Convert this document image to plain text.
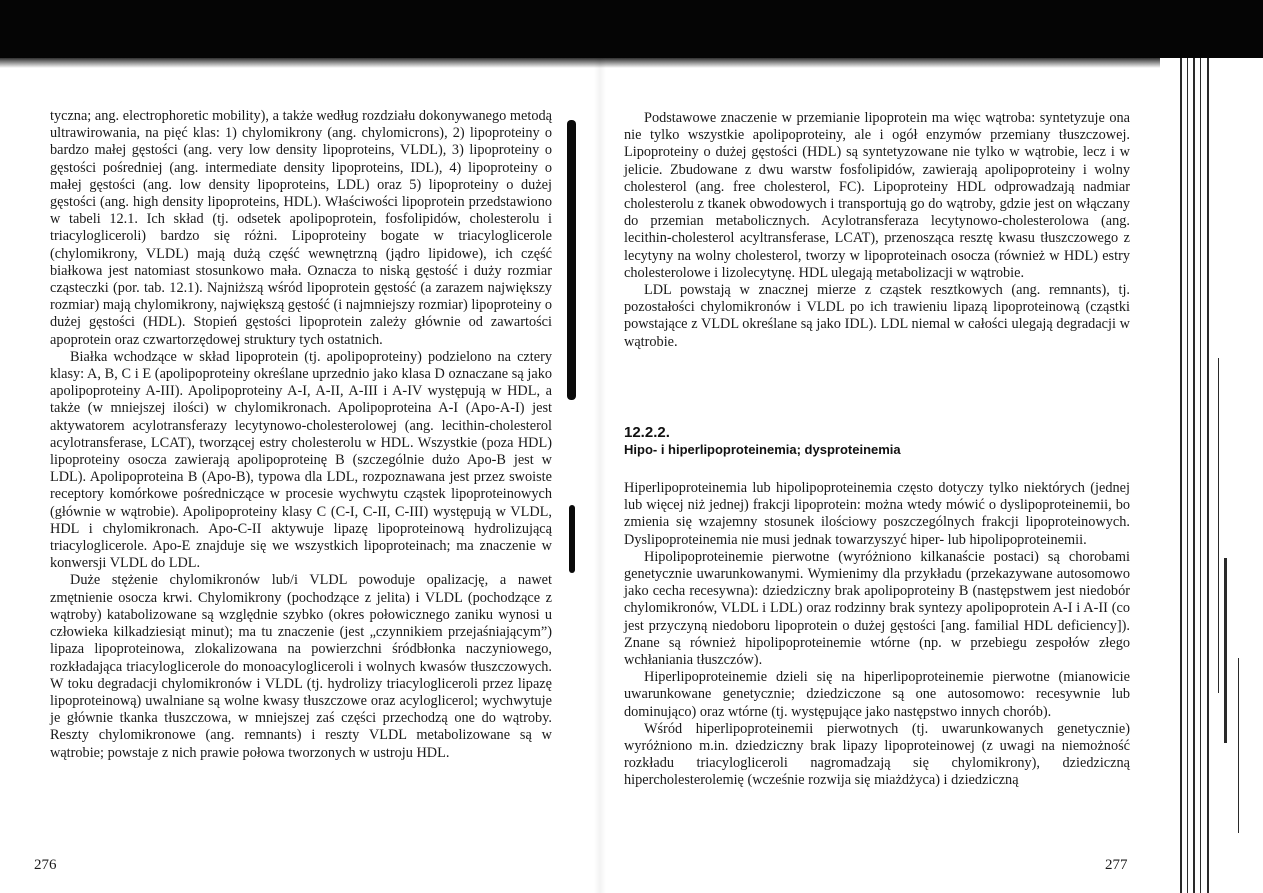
tyczna; ang. electrophoretic mobility), a także według rozdziału dokonywanego metodą ultrawirowania, na pięć klas: 1) chylomikrony (ang. chylomicrons), 2) lipoproteiny o bardzo małej gęstości (ang. very low density lipoproteins, VLDL), 3) lipoproteiny o gęstości pośredniej (ang. intermediate density lipoproteins, IDL), 4) lipoproteiny o małej gęstości (ang. low density lipoproteins, LDL) oraz 5) lipoproteiny o dużej gęstości (ang. high density lipoproteins, HDL). Właściwości lipoprotein przedstawiono w tabeli 12.1. Ich skład (tj. odsetek apolipoprotein, fosfolipidów, cholesterolu i triacylogliceroli) bardzo się różni. Lipoproteiny bogate w triacyloglicerole (chylomikrony, VLDL) mają dużą część wewnętrzną (jądro lipidowe), ich część białkowa jest natomiast stosunkowo mała. Oznacza to niską gęstość i duży rozmiar cząsteczki (por. tab. 12.1). Najniższą wśród lipoprotein gęstość (a zarazem największy rozmiar) mają chylomikrony, największą gęstość (i najmniejszy rozmiar) lipoproteiny o dużej gęstości (HDL). Stopień gęstości lipoprotein zależy głównie od zawartości apoprotein oraz czwartorzędowej struktury tych ostatnich.

Białka wchodzące w skład lipoprotein (tj. apolipoproteiny) podzielono na cztery klasy: A, B, C i E (apolipoproteiny określane uprzednio jako klasa D oznaczane są jako apolipoproteiny A-III). Apolipoproteiny A-I, A-II, A-III i A-IV występują w HDL, a także (w mniejszej ilości) w chylomikronach. Apolipoproteina A-I (Apo-A-I) jest aktywatorem acylotransferazy lecytynowo-cholesterolowej (ang. lecithin-cholesterol acylotransferase, LCAT), tworzącej estry cholesterolu w HDL. Wszystkie (poza HDL) lipoproteiny osocza zawierają apolipoproteinę B (szczególnie dużo Apo-B jest w LDL). Apolipoproteina B (Apo-B), typowa dla LDL, rozpoznawana jest przez swoiste receptory komórkowe pośredniczące w procesie wychwytu cząstek lipoproteinowych (głównie w wątrobie). Apolipoproteiny klasy C (C-I, C-II, C-III) występują w VLDL, HDL i chylomikronach. Apo-C-II aktywuje lipazę lipoproteinową hydrolizującą triacyloglicerole. Apo-E znajduje się we wszystkich lipoproteinach; ma znaczenie w konwersji VLDL do LDL.

Duże stężenie chylomikronów lub/i VLDL powoduje opalizację, a nawet zmętnienie osocza krwi. Chylomikrony (pochodzące z jelita) i VLDL (pochodzące z wątroby) katabolizowane są względnie szybko (okres połowicznego zaniku wynosi u człowieka kilkadziesiąt minut); ma tu znaczenie (jest „czynnikiem przejaśniającym”) lipaza lipoproteinowa, zlokalizowana na powierzchni śródbłonka naczyniowego, rozkładająca triacyloglicerole do monoacylogliceroli i wolnych kwasów tłuszczowych. W toku degradacji chylomikronów i VLDL (tj. hydrolizy triacylogliceroli przez lipazę lipoproteinową) uwalniane są wolne kwasy tłuszczowe oraz acyloglicerol; wychwytuje je głównie tkanka tłuszczowa, w mniejszej zaś części przechodzą one do wątroby. Reszty chylomikronowe (ang. remnants) i reszty VLDL metabolizowane są w wątrobie; powstaje z nich prawie połowa tworzonych w ustroju HDL.

276

Podstawowe znaczenie w przemianie lipoprotein ma więc wątroba: syntetyzuje ona nie tylko wszystkie apolipoproteiny, ale i ogół enzymów przemiany tłuszczowej. Lipoproteiny o dużej gęstości (HDL) są syntetyzowane nie tylko w wątrobie, lecz i w jelicie. Zbudowane z dwu warstw fosfolipidów, zawierają apolipoproteiny i wolny cholesterol (ang. free cholesterol, FC). Lipoproteiny HDL odprowadzają nadmiar cholesterolu z tkanek obwodowych i transportują go do wątroby, gdzie jest on włączany do przemian metabolicznych. Acylotransferaza lecytynowo-cholesterolowa (ang. lecithin-cholesterol acyltransferase, LCAT), przenosząca resztę kwasu tłuszczowego z lecytyny na wolny cholesterol, tworzy w lipoproteinach osocza (również w HDL) estry cholesterolowe i lizolecytynę. HDL ulegają metabolizacji w wątrobie.

LDL powstają w znacznej mierze z cząstek resztkowych (ang. remnants), tj. pozostałości chylomikronów i VLDL po ich trawieniu lipazą lipoproteinową (cząstki powstające z VLDL określane są jako IDL). LDL niemal w całości ulegają degradacji w wątrobie.

12.2.2.
Hipo- i hiperlipoproteinemia; dysproteinemia

Hiperlipoproteinemia lub hipolipoproteinemia często dotyczy tylko niektórych (jednej lub więcej niż jednej) frakcji lipoprotein: można wtedy mówić o dyslipoproteinemii, bo zmienia się wzajemny stosunek ilościowy poszczególnych frakcji lipoproteinowych. Dyslipoproteinemia nie musi jednak towarzyszyć hiper- lub hipolipoproteinemii.

Hipolipoproteinemie pierwotne (wyróżniono kilkanaście postaci) są chorobami genetycznie uwarunkowanymi. Wymienimy dla przykładu (przekazywane autosomowo jako cecha recesywna): dziedziczny brak apolipoproteiny B (następstwem jest niedobór chylomikronów, VLDL i LDL) oraz rodzinny brak syntezy apolipoprotein A-I i A-II (co jest przyczyną niedoboru lipoprotein o dużej gęstości [ang. familial HDL deficiency]). Znane są również hipolipoproteinemie wtórne (np. w przebiegu zespołów złego wchłaniania tłuszczów).

Hiperlipoproteinemie dzieli się na hiperlipoproteinemie pierwotne (mianowicie uwarunkowane genetycznie; dziedziczone są one autosomowo: recesywnie lub dominująco) oraz wtórne (tj. występujące jako następstwo innych chorób).

Wśród hiperlipoproteinemii pierwotnych (tj. uwarunkowanych genetycznie) wyróżniono m.in. dziedziczny brak lipazy lipoproteinowej (z uwagi na niemożność rozkładu triacylogliceroli nagromadzają się chylomikrony), dziedziczną hipercholesterolemię (wcześnie rozwija się miażdżyca) i dziedziczną

277
